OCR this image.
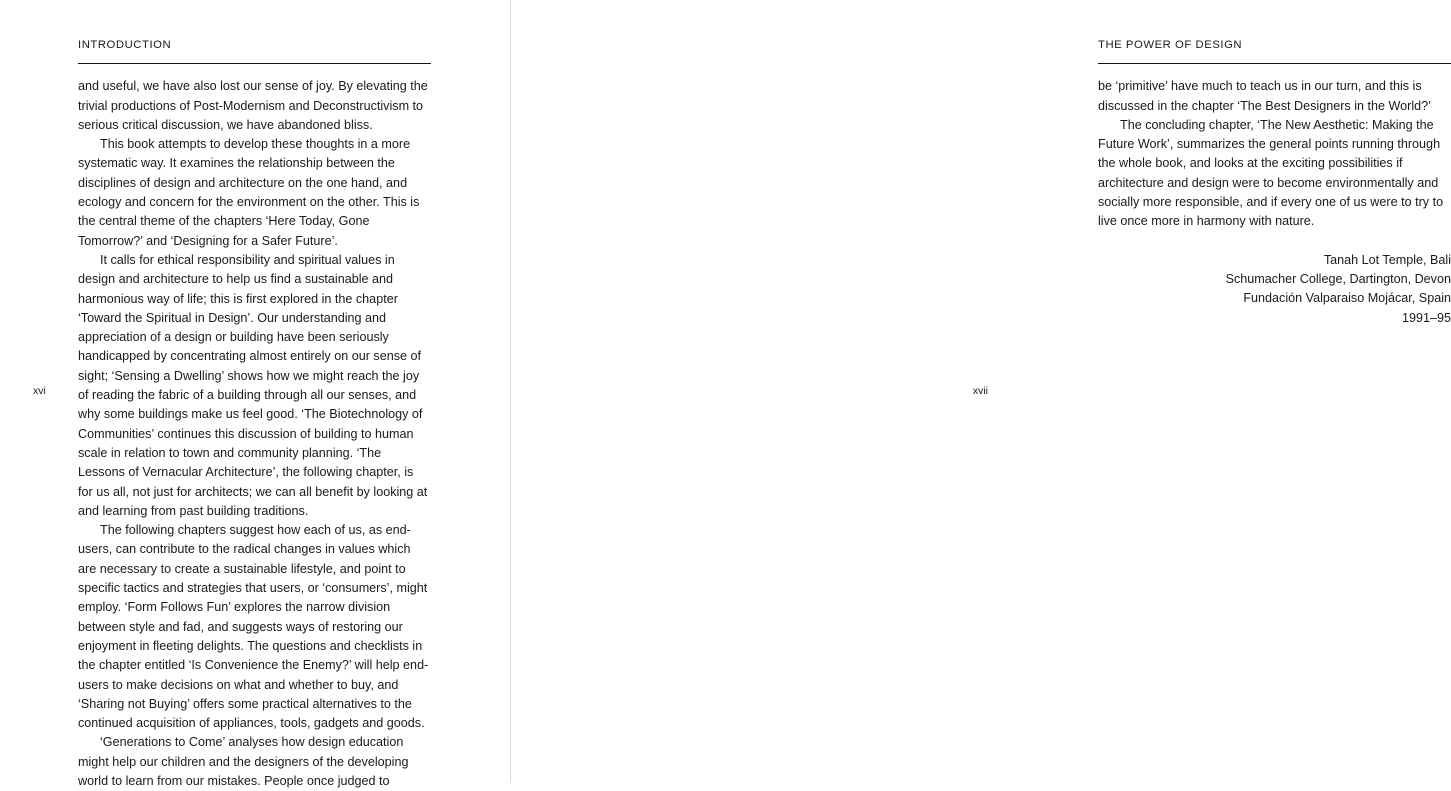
xvi
INTRODUCTION

and useful, we have also lost our sense of joy. By elevating the trivial productions of Post-Modernism and Deconstructivism to serious critical discussion, we have abandoned bliss.

This book attempts to develop these thoughts in a more systematic way. It examines the relationship between the disciplines of design and architecture on the one hand, and ecology and concern for the environment on the other. This is the central theme of the chapters ‘Here Today, Gone Tomorrow?’ and ‘Designing for a Safer Future’.

It calls for ethical responsibility and spiritual values in design and architecture to help us find a sustainable and harmonious way of life; this is first explored in the chapter ‘Toward the Spiritual in Design’. Our understanding and appreciation of a design or building have been seriously handicapped by concentrating almost entirely on our sense of sight; ‘Sensing a Dwelling’ shows how we might reach the joy of reading the fabric of a building through all our senses, and why some buildings make us feel good. ‘The Biotechnology of Communities’ continues this discussion of building to human scale in relation to town and community planning. ‘The Lessons of Vernacular Architecture’, the following chapter, is for us all, not just for architects; we can all benefit by looking at and learning from past building traditions.

The following chapters suggest how each of us, as end-users, can contribute to the radical changes in values which are necessary to create a sustainable lifestyle, and point to specific tactics and strategies that users, or ‘consumers’, might employ. ‘Form Follows Fun’ explores the narrow division between style and fad, and suggests ways of restoring our enjoyment in fleeting delights. The questions and checklists in the chapter entitled ‘Is Convenience the Enemy?’ will help end-users to make decisions on what and whether to buy, and ‘Sharing not Buying’ offers some practical alternatives to the continued acquisition of appliances, tools, gadgets and goods.

‘Generations to Come’ analyses how design education might help our children and the designers of the developing world to learn from our mistakes. People once judged to

xvii
THE POWER OF DESIGN

be ‘primitive’ have much to teach us in our turn, and this is discussed in the chapter ‘The Best Designers in the World?’

The concluding chapter, ‘The New Aesthetic: Making the Future Work’, summarizes the general points running through the whole book, and looks at the exciting possibilities if architecture and design were to become environmentally and socially more responsible, and if every one of us were to try to live once more in harmony with nature.

Tanah Lot Temple, Bali
Schumacher College, Dartington, Devon
Fundación Valparaiso Mojácar, Spain
1991–95
